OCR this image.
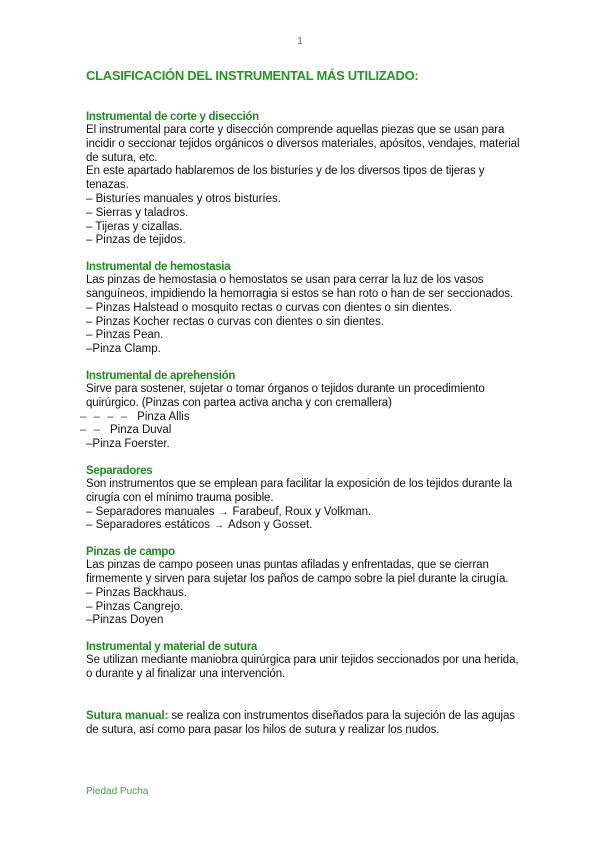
1
CLASIFICACIÓN DEL INSTRUMENTAL MÁS UTILIZADO:
Instrumental de corte y disección

El instrumental para corte y disección comprende aquellas piezas que se usan para incidir o seccionar tejidos orgánicos o diversos materiales, apósitos, vendajes, material de sutura, etc.

En este apartado hablaremos de los bisturíes y de los diversos tipos de tijeras y tenazas.

– Bisturíes manuales y otros bisturíes.

– Sierras y taladros.

– Tijeras y cizallas.

– Pinzas de tejidos.

Instrumental de hemostasia

Las pinzas de hemostasia o hemostatos se usan para cerrar la luz de los vasos sanguíneos, impidiendo la hemorragia si estos se han roto o han de ser seccionados.

– Pinzas Halstead o mosquito rectas o curvas con dientes o sin dientes.

– Pinzas Kocher rectas o curvas con dientes o sin dientes.

– Pinzas Pean.

–Pinza Clamp.

Instrumental de aprehensión

Sirve para sostener, sujetar o tomar órganos o tejidos durante un procedimiento quirúrgico. (Pinzas con partea activa ancha y con cremallera)

– – – – Pinza Allis

– – Pinza Duval

–Pinza Foerster.

Separadores

Son instrumentos que se emplean para facilitar la exposición de los tejidos durante la cirugía con el mínimo trauma posible.

– Separadores manuales → Farabeuf, Roux y Volkman.

– Separadores estáticos → Adson y Gosset.

Pinzas de campo

Las pinzas de campo poseen unas puntas afiladas y enfrentadas, que se cierran firmemente y sirven para sujetar los paños de campo sobre la piel durante la cirugía.

– Pinzas Backhaus.

– Pinzas Cangrejo.

–Pinzas Doyen

Instrumental y material de sutura

Se utilizan mediante maniobra quirúrgica para unir tejidos seccionados por una herida, o durante y al finalizar una intervención.

Sutura manual: se realiza con instrumentos diseñados para la sujeción de las agujas de sutura, así como para pasar los hilos de sutura y realizar los nudos.

Piedad Pucha
